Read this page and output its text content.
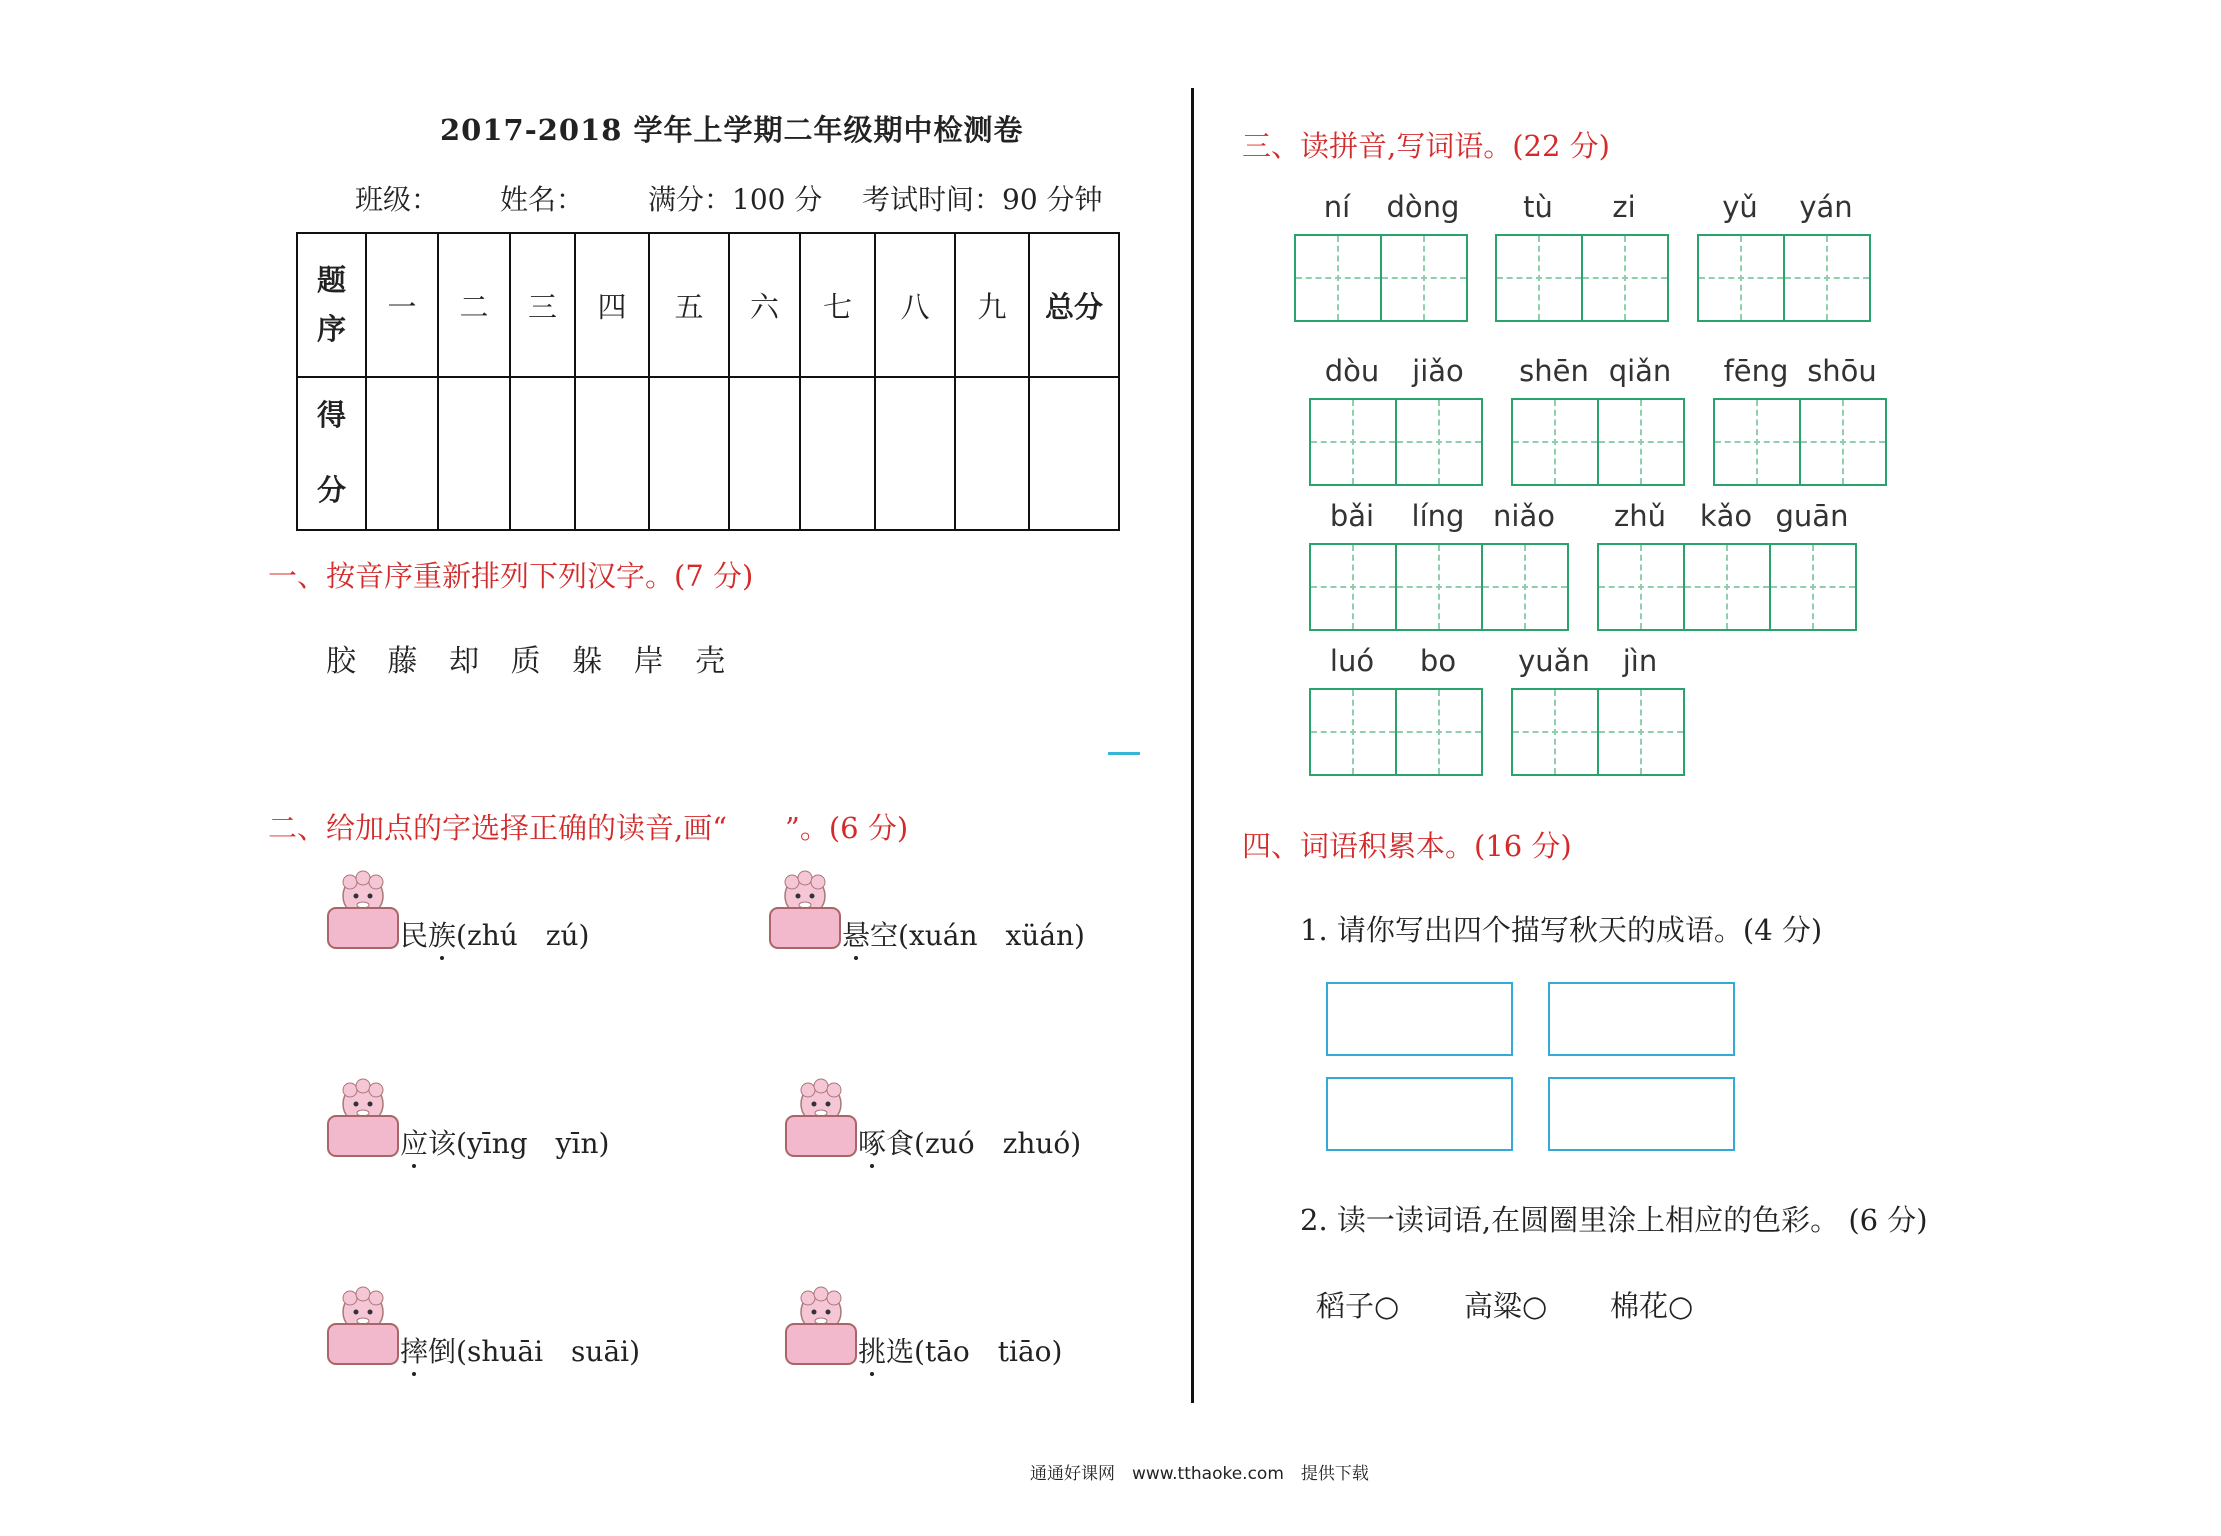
2017-2018 学年上学期二年级期中检测卷
班级： 姓名： 满分：100 分 考试时间：90 分钟
题
序	一	二	三	四	五	六	七	八	九	总分
得
分										
一、按音序重新排列下列汉字。(7 分)
胶 藤 却 质 躲 岸 壳
二、给加点的字选择正确的读音,画“　　”。(6 分)
民族(zhú　zú)	悬空(xuán　xüán)
应该(yīng　yīn)	啄食(zuó　zhuó)
摔倒(shuāi　suāi)	挑选(tāo　tiāo)
三、读拼音,写词语。(22 分)
ní	dòng	tù	zi	yǔ	yán
dòu	jiǎo	shēn qiǎn	fēng shōu
bǎi	líng niǎo	zhǔ	kǎo guān
luó	bo	yuǎn	jìn
四、词语积累本。(16 分)
1. 请你写出四个描写秋天的成语。(4 分)
2. 读一读词语,在圆圈里涂上相应的色彩。 (6 分)
稻子○ 高粱○ 棉花○
通通好课网　www.tthaoke.com　提供下载
